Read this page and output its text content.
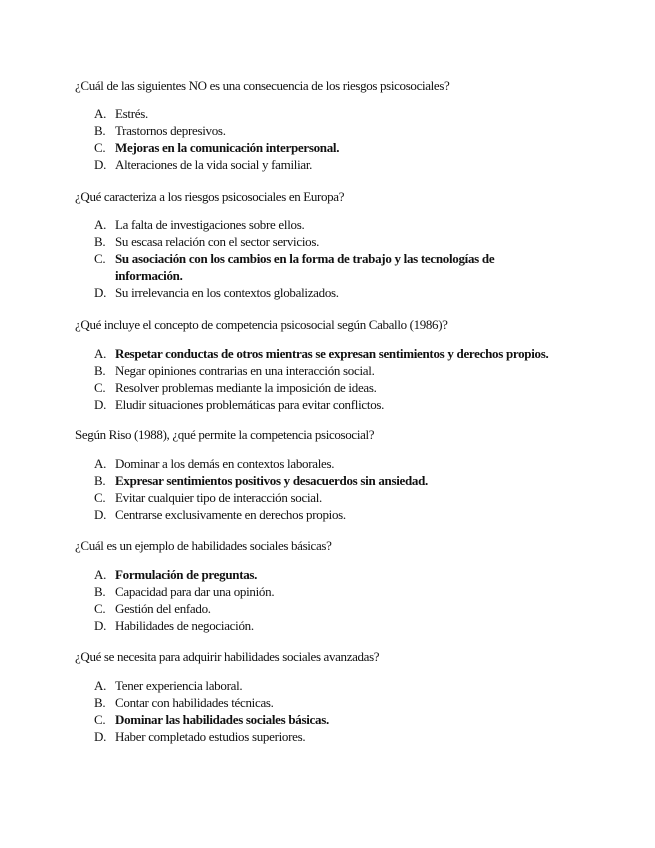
¿Cuál de las siguientes NO es una consecuencia de los riesgos psicosociales?
A. Estrés.
B. Trastornos depresivos.
C. Mejoras en la comunicación interpersonal.
D. Alteraciones de la vida social y familiar.
¿Qué caracteriza a los riesgos psicosociales en Europa?
A. La falta de investigaciones sobre ellos.
B. Su escasa relación con el sector servicios.
C. Su asociación con los cambios en la forma de trabajo y las tecnologías de información.
D. Su irrelevancia en los contextos globalizados.
¿Qué incluye el concepto de competencia psicosocial según Caballo (1986)?
A. Respetar conductas de otros mientras se expresan sentimientos y derechos propios.
B. Negar opiniones contrarias en una interacción social.
C. Resolver problemas mediante la imposición de ideas.
D. Eludir situaciones problemáticas para evitar conflictos.
Según Riso (1988), ¿qué permite la competencia psicosocial?
A. Dominar a los demás en contextos laborales.
B. Expresar sentimientos positivos y desacuerdos sin ansiedad.
C. Evitar cualquier tipo de interacción social.
D. Centrarse exclusivamente en derechos propios.
¿Cuál es un ejemplo de habilidades sociales básicas?
A. Formulación de preguntas.
B. Capacidad para dar una opinión.
C. Gestión del enfado.
D. Habilidades de negociación.
¿Qué se necesita para adquirir habilidades sociales avanzadas?
A. Tener experiencia laboral.
B. Contar con habilidades técnicas.
C. Dominar las habilidades sociales básicas.
D. Haber completado estudios superiores.
